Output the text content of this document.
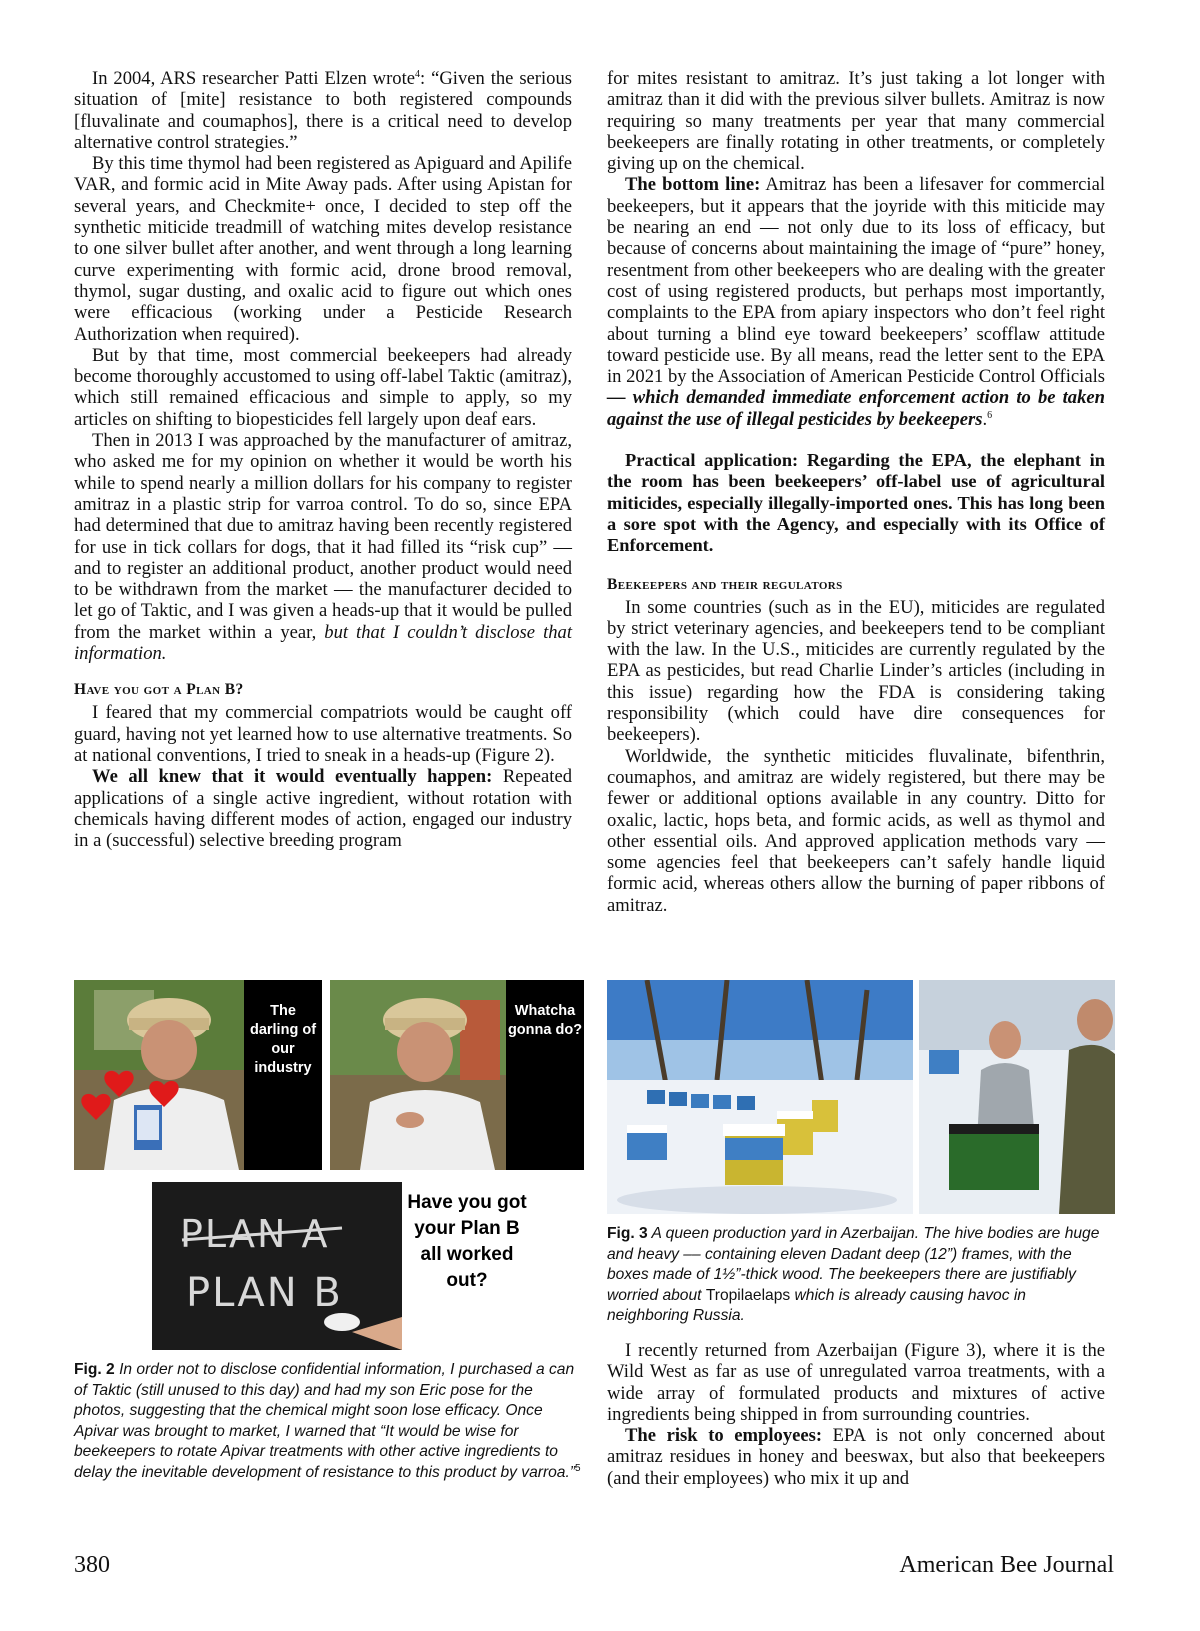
In 2004, ARS researcher Patti Elzen wrote$^4$: “Given the serious situation of [mite] resistance to both registered compounds [fluvalinate and coumaphos], there is a critical need to develop alternative control strategies.”

By this time thymol had been registered as Apiguard and Apilife VAR, and formic acid in Mite Away pads. After using Apistan for several years, and Checkmite+ once, I decided to step off the synthetic miticide treadmill of watching mites develop resistance to one silver bullet after another, and went through a long learning curve experimenting with formic acid, drone brood removal, thymol, sugar dusting, and oxalic acid to figure out which ones were efficacious (working under a Pesticide Research Authorization when required).

But by that time, most commercial beekeepers had already become thoroughly accustomed to using off-label Taktic (amitraz), which still remained efficacious and simple to apply, so my articles on shifting to biopesticides fell largely upon deaf ears.

Then in 2013 I was approached by the manufacturer of amitraz, who asked me for my opinion on whether it would be worth his while to spend nearly a million dollars for his company to register amitraz in a plastic strip for varroa control. To do so, since EPA had determined that due to amitraz having been recently registered for use in tick collars for dogs, that it had filled its “risk cup” — and to register an additional product, another product would need to be withdrawn from the market — the manufacturer decided to let go of Taktic, and I was given a heads-up that it would be pulled from the market within a year, but that I couldn’t disclose that information.

Have you got a Plan B?

I feared that my commercial compatriots would be caught off guard, having not yet learned how to use alternative treatments. So at national conventions, I tried to sneak in a heads-up (Figure 2).

We all knew that it would eventually happen: Repeated applications of a single active ingredient, without rotation with chemicals having different modes of action, engaged our industry in a (successful) selective breeding program

for mites resistant to amitraz. It’s just taking a lot longer with amitraz than it did with the previous silver bullets. Amitraz is now requiring so many treatments per year that many commercial beekeepers are finally rotating in other treatments, or completely giving up on the chemical.

The bottom line: Amitraz has been a lifesaver for commercial beekeepers, but it appears that the joyride with this miticide may be nearing an end — not only due to its loss of efficacy, but because of concerns about maintaining the image of “pure” honey, resentment from other beekeepers who are dealing with the greater cost of using registered products, but perhaps most importantly, complaints to the EPA from apiary inspectors who don’t feel right about turning a blind eye toward beekeepers’ scofflaw attitude toward pesticide use. By all means, read the letter sent to the EPA in 2021 by the Association of American Pesticide Control Officials — which demanded immediate enforcement action to be taken against the use of illegal pesticides by beekeepers.$^6$

Practical application: Regarding the EPA, the elephant in the room has been beekeepers’ off-label use of agricultural miticides, especially illegally-imported ones. This has long been a sore spot with the Agency, and especially with its Office of Enforcement.

Beekeepers and their regulators

In some countries (such as in the EU), miticides are regulated by strict veterinary agencies, and beekeepers tend to be compliant with the law. In the U.S., miticides are currently regulated by the EPA as pesticides, but read Charlie Linder’s articles (including in this issue) regarding how the FDA is considering taking responsibility (which could have dire consequences for beekeepers).

Worldwide, the synthetic miticides fluvalinate, bifenthrin, coumaphos, and amitraz are widely registered, but there may be fewer or additional options available in any country. Ditto for oxalic, lactic, hops beta, and formic acids, as well as thymol and other essential oils. And approved application methods vary — some agencies feel that beekeepers can’t safely handle liquid formic acid, whereas others allow the burning of paper ribbons of amitraz.

The darling of our industry
Whatcha gonna do?
PLAN A
PLAN B
Have you got your Plan B all worked out?

Fig. 2 In order not to disclose confidential information, I purchased a can of Taktic (still unused to this day) and had my son Eric pose for the photos, suggesting that the chemical might soon lose efficacy. Once Apivar was brought to market, I warned that “It would be wise for beekeepers to rotate Apivar treatments with other active ingredients to delay the inevitable development of resistance to this product by varroa.”$^5$

Fig. 3 A queen production yard in Azerbaijan. The hive bodies are huge and heavy –– containing eleven Dadant deep (12”) frames, with the boxes made of 1½”-thick wood. The beekeepers there are justifiably worried about Tropilaelaps which is already causing havoc in neighboring Russia.

I recently returned from Azerbaijan (Figure 3), where it is the Wild West as far as use of unregulated varroa treatments, with a wide array of formulated products and mixtures of active ingredients being shipped in from surrounding countries.

The risk to employees: EPA is not only concerned about amitraz residues in honey and beeswax, but also that beekeepers (and their employees) who mix it up and

380	American Bee Journal
